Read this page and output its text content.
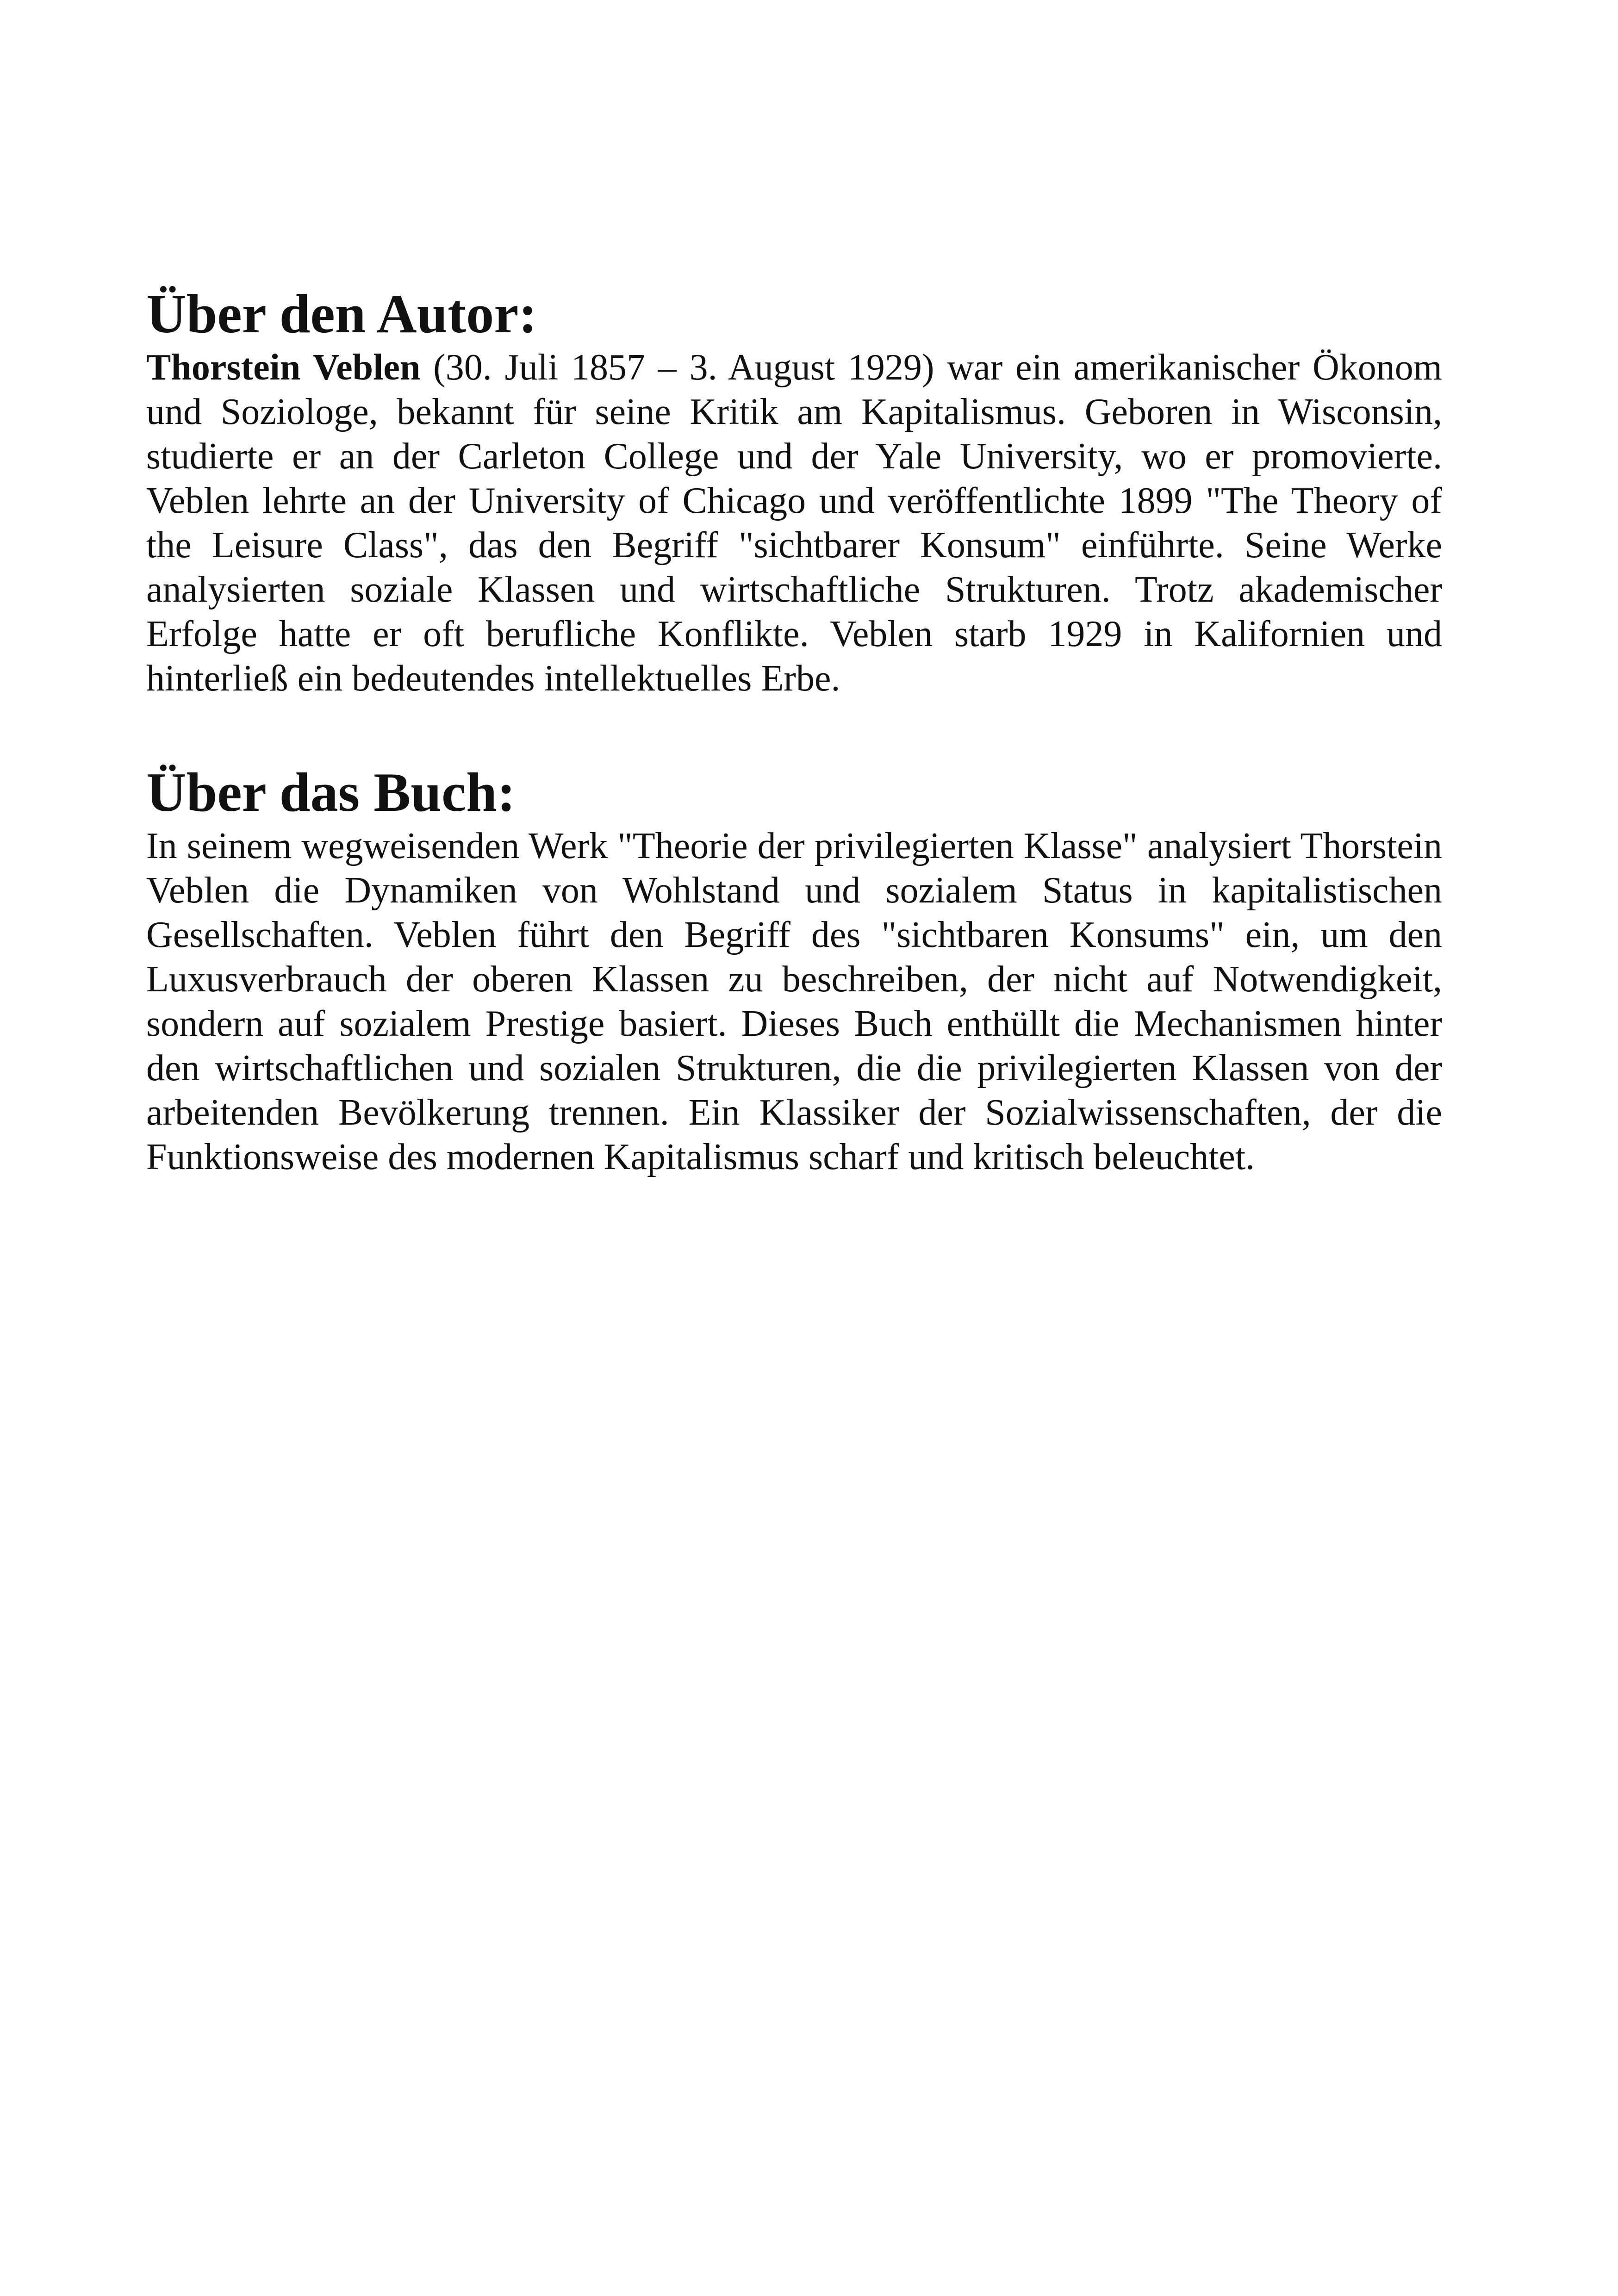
Über den Autor:

Thorstein Veblen (30. Juli 1857 – 3. August 1929) war ein amerikanischer Ökonom und Soziologe, bekannt für seine Kritik am Kapitalismus. Geboren in Wisconsin, studierte er an der Carleton College und der Yale University, wo er promovierte. Veblen lehrte an der University of Chicago und veröffentlichte 1899 "The Theory of the Leisure Class", das den Begriff "sichtbarer Konsum" einführte. Seine Werke analysierten soziale Klassen und wirtschaftliche Strukturen. Trotz akademischer Erfolge hatte er oft berufliche Konflikte. Veblen starb 1929 in Kalifornien und hinterließ ein bedeutendes intellektuelles Erbe.

Über das Buch:

In seinem wegweisenden Werk "Theorie der privilegierten Klasse" analysiert Thorstein Veblen die Dynamiken von Wohlstand und sozialem Status in kapitalistischen Gesellschaften. Veblen führt den Begriff des "sichtbaren Konsums" ein, um den Luxusverbrauch der oberen Klassen zu beschreiben, der nicht auf Notwendigkeit, sondern auf sozialem Prestige basiert. Dieses Buch enthüllt die Mechanismen hinter den wirtschaftlichen und sozialen Strukturen, die die privilegierten Klassen von der arbeitenden Bevölkerung trennen. Ein Klassiker der Sozialwissenschaften, der die Funktionsweise des modernen Kapitalismus scharf und kritisch beleuchtet.
